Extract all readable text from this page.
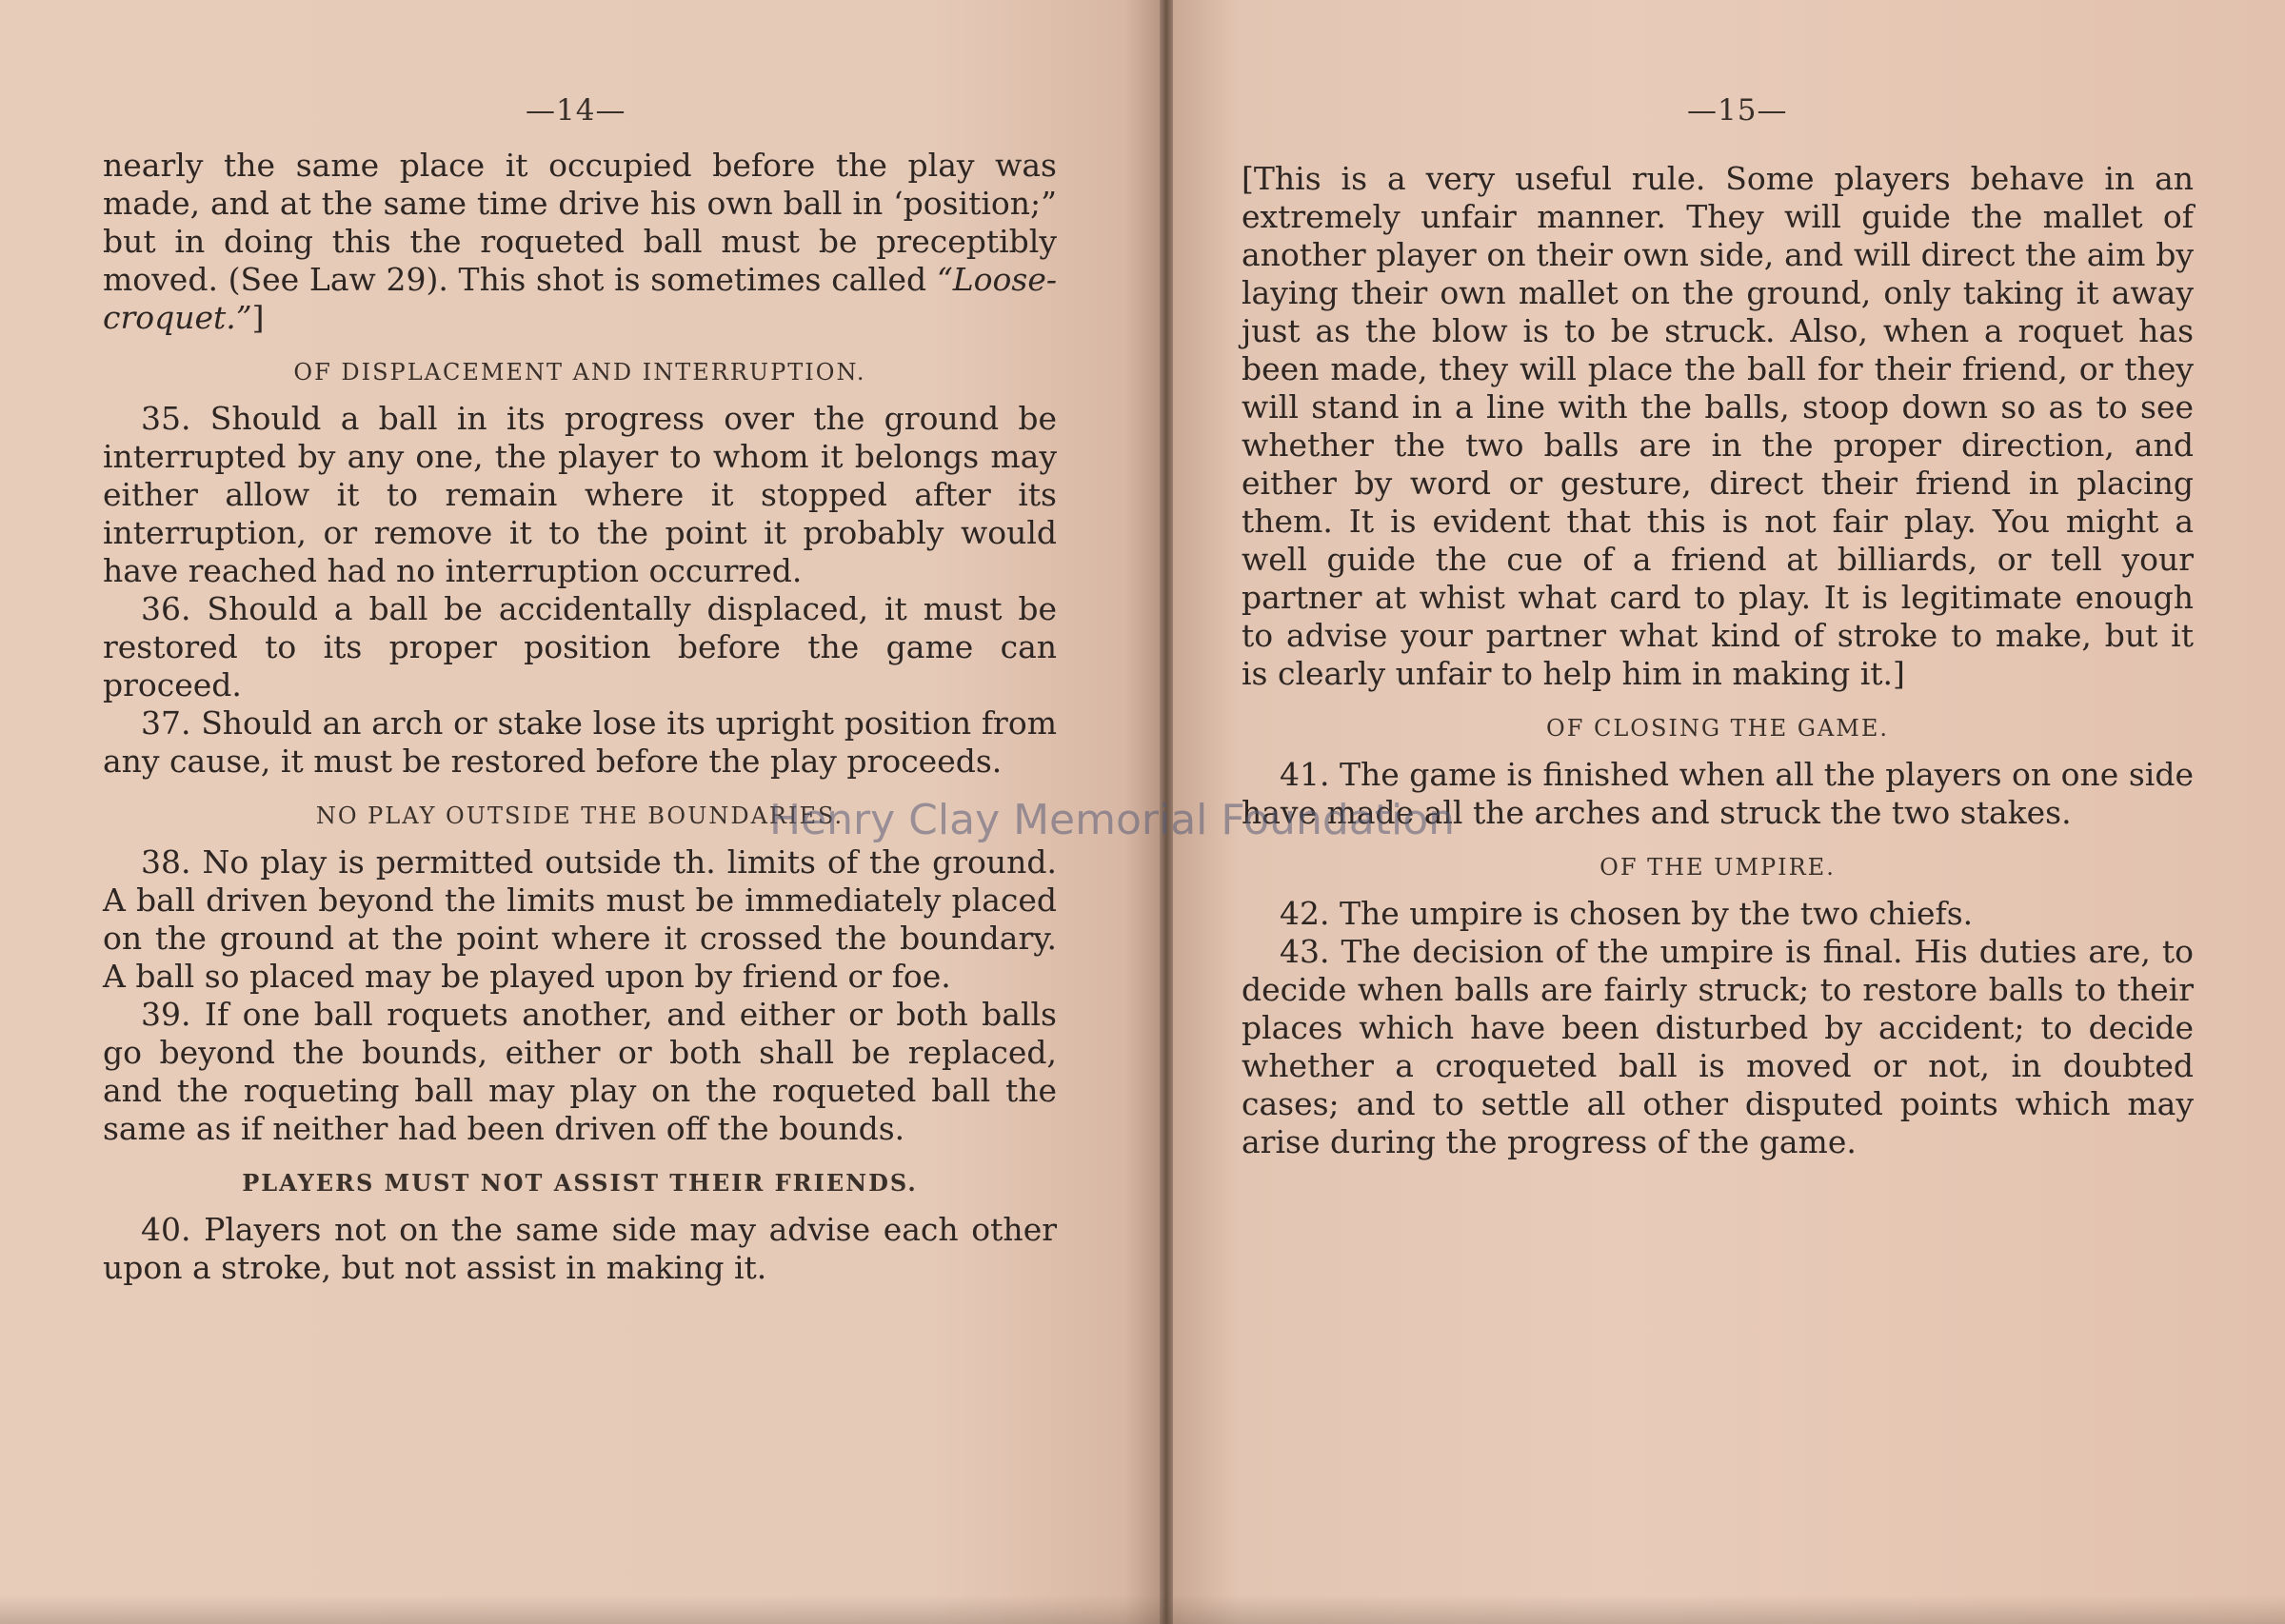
—14—

nearly the same place it occupied before the play was made, and at the same time drive his own ball in ‘position;” but in doing this the roqueted ball must be preceptibly moved. (See Law 29). This shot is sometimes called “Loose-croquet.”]

OF DISPLACEMENT AND INTERRUPTION.

35. Should a ball in its progress over the ground be interrupted by any one, the player to whom it belongs may either allow it to remain where it stopped after its interruption, or remove it to the point it probably would have reached had no interruption occurred.

36. Should a ball be accidentally displaced, it must be restored to its proper position before the game can proceed.

37. Should an arch or stake lose its upright position from any cause, it must be restored before the play proceeds.

NO PLAY OUTSIDE THE BOUNDARIES.

38. No play is permitted outside th. limits of the ground. A ball driven beyond the limits must be immediately placed on the ground at the point where it crossed the boundary. A ball so placed may be played upon by friend or foe.

39. If one ball roquets another, and either or both balls go beyond the bounds, either or both shall be replaced, and the roqueting ball may play on the roqueted ball the same as if neither had been driven off the bounds.

PLAYERS MUST NOT ASSIST THEIR FRIENDS.

40. Players not on the same side may advise each other upon a stroke, but not assist in making it.

—15—

[This is a very useful rule. Some players behave in an extremely unfair manner. They will guide the mallet of another player on their own side, and will direct the aim by laying their own mallet on the ground, only taking it away just as the blow is to be struck. Also, when a roquet has been made, they will place the ball for their friend, or they will stand in a line with the balls, stoop down so as to see whether the two balls are in the proper direction, and either by word or gesture, direct their friend in placing them. It is evident that this is not fair play. You might a well guide the cue of a friend at billiards, or tell your partner at whist what card to play. It is legitimate enough to advise your partner what kind of stroke to make, but it is clearly unfair to help him in making it.]

OF CLOSING THE GAME.

41. The game is finished when all the players on one side have made all the arches and struck the two stakes.

OF THE UMPIRE.

42. The umpire is chosen by the two chiefs.

43. The decision of the umpire is final. His duties are, to decide when balls are fairly struck; to restore balls to their places which have been disturbed by accident; to decide whether a croqueted ball is moved or not, in doubted cases; and to settle all other disputed points which may arise during the progress of the game.

Henry Clay Memorial Foundation
